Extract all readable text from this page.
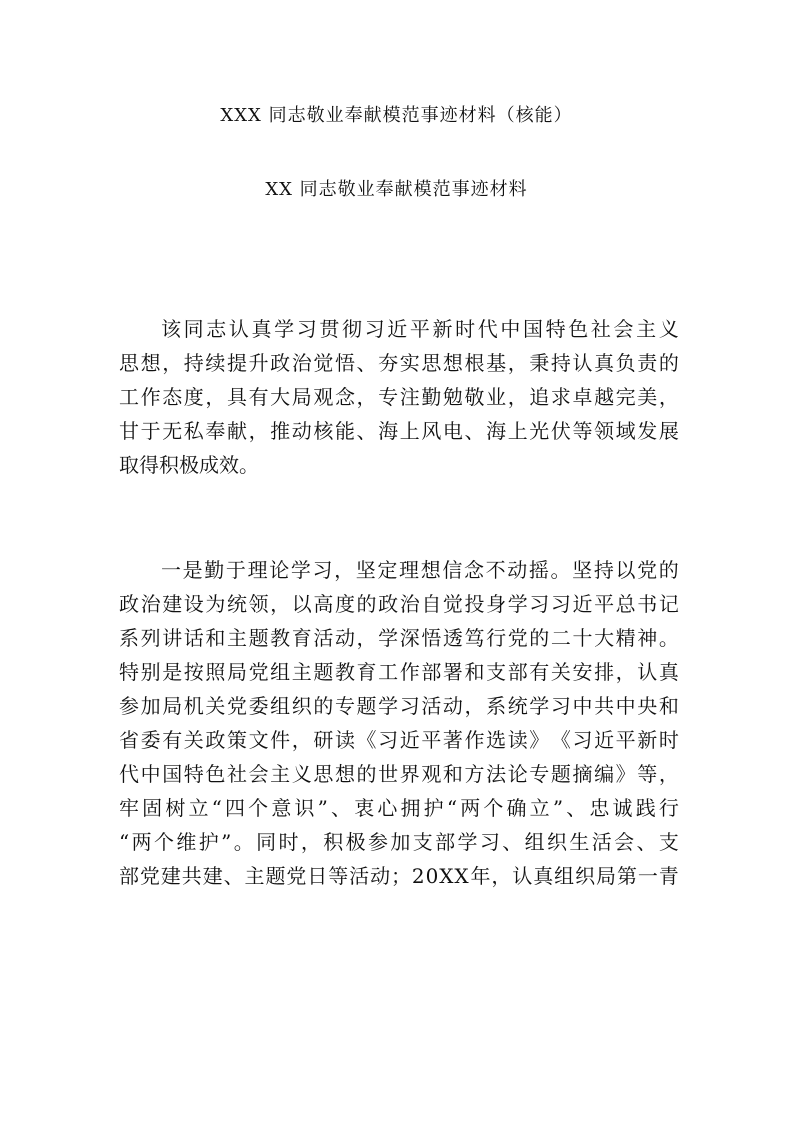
XXX 同志敬业奉献模范事迹材料（核能）
XX 同志敬业奉献模范事迹材料
该 同 志 认 真 学 习 贯 彻 习 近 平 新 时 代 中 国 特 色 社 会 主 义
思 想 ， 持 续 提 升 政 治 觉 悟 、 夯 实 思 想 根 基 ， 秉 持 认 真 负 责 的
工 作 态 度 ， 具 有 大 局 观 念 ， 专 注 勤 勉 敬 业 ， 追 求 卓 越 完 美 ，
甘 于 无 私 奉 献 ， 推 动 核 能 、 海 上 风 电 、 海 上 光 伏 等 领 域 发 展
取得积极成效。
一 是 勤 于 理 论 学 习 ， 坚 定 理 想 信 念 不 动 摇 。 坚 持 以 党 的
政 治 建 设 为 统 领 ， 以 高 度 的 政 治 自 觉 投 身 学 习 习 近 平 总 书 记
系 列 讲 话 和 主 题 教 育 活 动 ， 学 深 悟 透 笃 行 党 的 二 十 大 精 神 。
特 别 是 按 照 局 党 组 主 题 教 育 工 作 部 署 和 支 部 有 关 安 排 ， 认 真
参 加 局 机 关 党 委 组 织 的 专 题 学 习 活 动 ， 系 统 学 习 中 共 中 央 和
省 委 有 关 政 策 文 件 ， 研 读 《 习 近 平 著 作 选 读 》 《 习 近 平 新 时
代 中 国 特 色 社 会 主 义 思 想 的 世 界 观 和 方 法 论 专 题 摘 编 》 等 ，
牢 固 树 立 “ 四 个 意 识 ” 、 衷 心 拥 护 “ 两 个 确 立 ” 、 忠 诚 践 行
“ 两 个 维 护 ” 。 同 时 ， 积 极 参 加 支 部 学 习 、 组 织 生 活 会 、 支
部 党 建 共 建 、 主 题 党 日 等 活 动 ； 2 0 X X 年 ， 认 真 组 织 局 第 一 青
